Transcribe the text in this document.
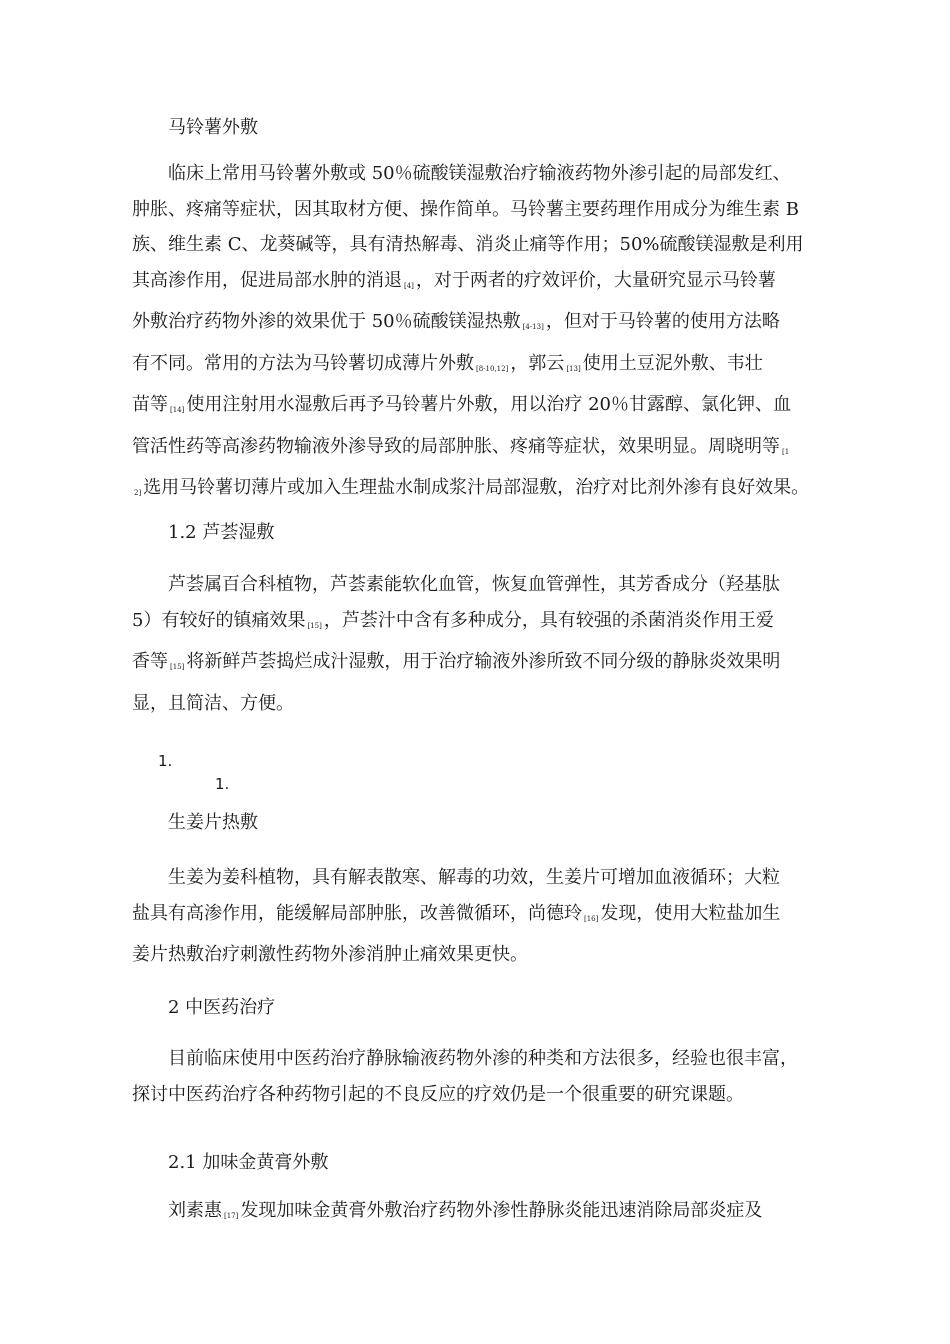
马铃薯外敷
临床上常用马铃薯外敷或 50％硫酸镁湿敷治疗输液药物外渗引起的局部发红、
肿胀、疼痛等症状，因其取材方便、操作简单。马铃薯主要药理作用成分为维生素 B
族、维生素 C、龙葵碱等，具有清热解毒、消炎止痛等作用；50%硫酸镁湿敷是利用
其高渗作用，促进局部水肿的消退 [4] ，对于两者的疗效评价，大量研究显示马铃薯
外敷治疗药物外渗的效果优于 50％硫酸镁湿热敷 [4-13] ，但对于马铃薯的使用方法略
有不同。常用的方法为马铃薯切成薄片外敷 [8-10,12] ，郭云 [13] 使用土豆泥外敷、韦壮
苗等 [14] 使用注射用水湿敷后再予马铃薯片外敷，用以治疗 20％甘露醇、氯化钾、血
管活性药等高渗药物输液外渗导致的局部肿胀、疼痛等症状，效果明显。周晓明等 $^{[1}$
$^{2]}$ 选用马铃薯切薄片或加入生理盐水制成浆汁局部湿敷，治疗对比剂外渗有良好效果。
1.2 芦荟湿敷
芦荟属百合科植物，芦荟素能软化血管，恢复血管弹性，其芳香成分（羟基肽
5）有较好的镇痛效果 [15] ，芦荟汁中含有多种成分，具有较强的杀菌消炎作用王爱
香等 [15] 将新鲜芦荟捣烂成汁湿敷，用于治疗输液外渗所致不同分级的静脉炎效果明
显，且简洁、方便。
1.
1.
生姜片热敷
生姜为姜科植物，具有解表散寒、解毒的功效，生姜片可增加血液循环；大粒
盐具有高渗作用，能缓解局部肿胀，改善微循环，尚德玲 [16] 发现，使用大粒盐加生
姜片热敷治疗刺激性药物外渗消肿止痛效果更快。
2 中医药治疗
目前临床使用中医药治疗静脉输液药物外渗的种类和方法很多，经验也很丰富，
探讨中医药治疗各种药物引起的不良反应的疗效仍是一个很重要的研究课题。
2.1 加味金黄膏外敷
刘素惠 [17] 发现加味金黄膏外敷治疗药物外渗性静脉炎能迅速消除局部炎症及
